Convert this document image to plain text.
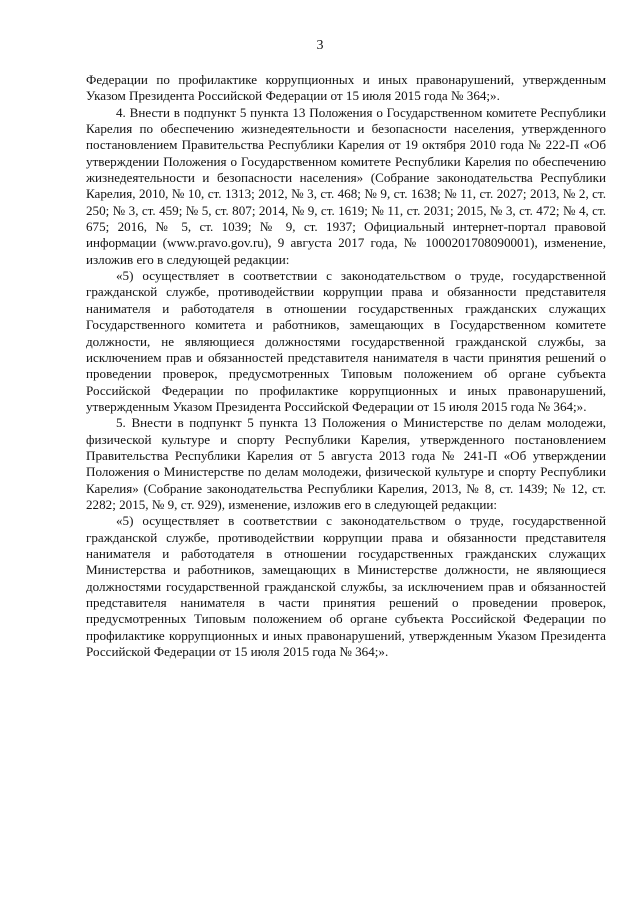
3

Федерации по профилактике коррупционных и иных правонарушений, утвержденным Указом Президента Российской Федерации от 15 июля 2015 года № 364;».

4. Внести в подпункт 5 пункта 13 Положения о Государственном комитете Республики Карелия по обеспечению жизнедеятельности и безопасности населения, утвержденного постановлением Правительства Республики Карелия от 19 октября 2010 года № 222-П «Об утверждении Положения о Государственном комитете Республики Карелия по обеспечению жизнедеятельности и безопасности населения» (Собрание законодательства Республики Карелия, 2010, № 10, ст. 1313; 2012, № 3, ст. 468; № 9, ст. 1638; № 11, ст. 2027; 2013, № 2, ст. 250; № 3, ст. 459; № 5, ст. 807; 2014, № 9, ст. 1619; № 11, ст. 2031; 2015, № 3, ст. 472; № 4, ст. 675; 2016, № 5, ст. 1039; № 9, ст. 1937; Официальный интернет-портал правовой информации (www.pravo.gov.ru), 9 августа 2017 года, № 1000201708090001), изменение, изложив его в следующей редакции:

«5) осуществляет в соответствии с законодательством о труде, государственной гражданской службе, противодействии коррупции права и обязанности представителя нанимателя и работодателя в отношении государственных гражданских служащих Государственного комитета и работников, замещающих в Государственном комитете должности, не являющиеся должностями государственной гражданской службы, за исключением прав и обязанностей представителя нанимателя в части принятия решений о проведении проверок, предусмотренных Типовым положением об органе субъекта Российской Федерации по профилактике коррупционных и иных правонарушений, утвержденным Указом Президента Российской Федерации от 15 июля 2015 года № 364;».

5. Внести в подпункт 5 пункта 13 Положения о Министерстве по делам молодежи, физической культуре и спорту Республики Карелия, утвержденного постановлением Правительства Республики Карелия от 5 августа 2013 года № 241-П «Об утверждении Положения о Министерстве по делам молодежи, физической культуре и спорту Республики Карелия» (Собрание законодательства Республики Карелия, 2013, № 8, ст. 1439; № 12, ст. 2282; 2015, № 9, ст. 929), изменение, изложив его в следующей редакции:

«5) осуществляет в соответствии с законодательством о труде, государственной гражданской службе, противодействии коррупции права и обязанности представителя нанимателя и работодателя в отношении государственных гражданских служащих Министерства и работников, замещающих в Министерстве должности, не являющиеся должностями государственной гражданской службы, за исключением прав и обязанностей представителя нанимателя в части принятия решений о проведении проверок, предусмотренных Типовым положением об органе субъекта Российской Федерации по профилактике коррупционных и иных правонарушений, утвержденным Указом Президента Российской Федерации от 15 июля 2015 года № 364;».
